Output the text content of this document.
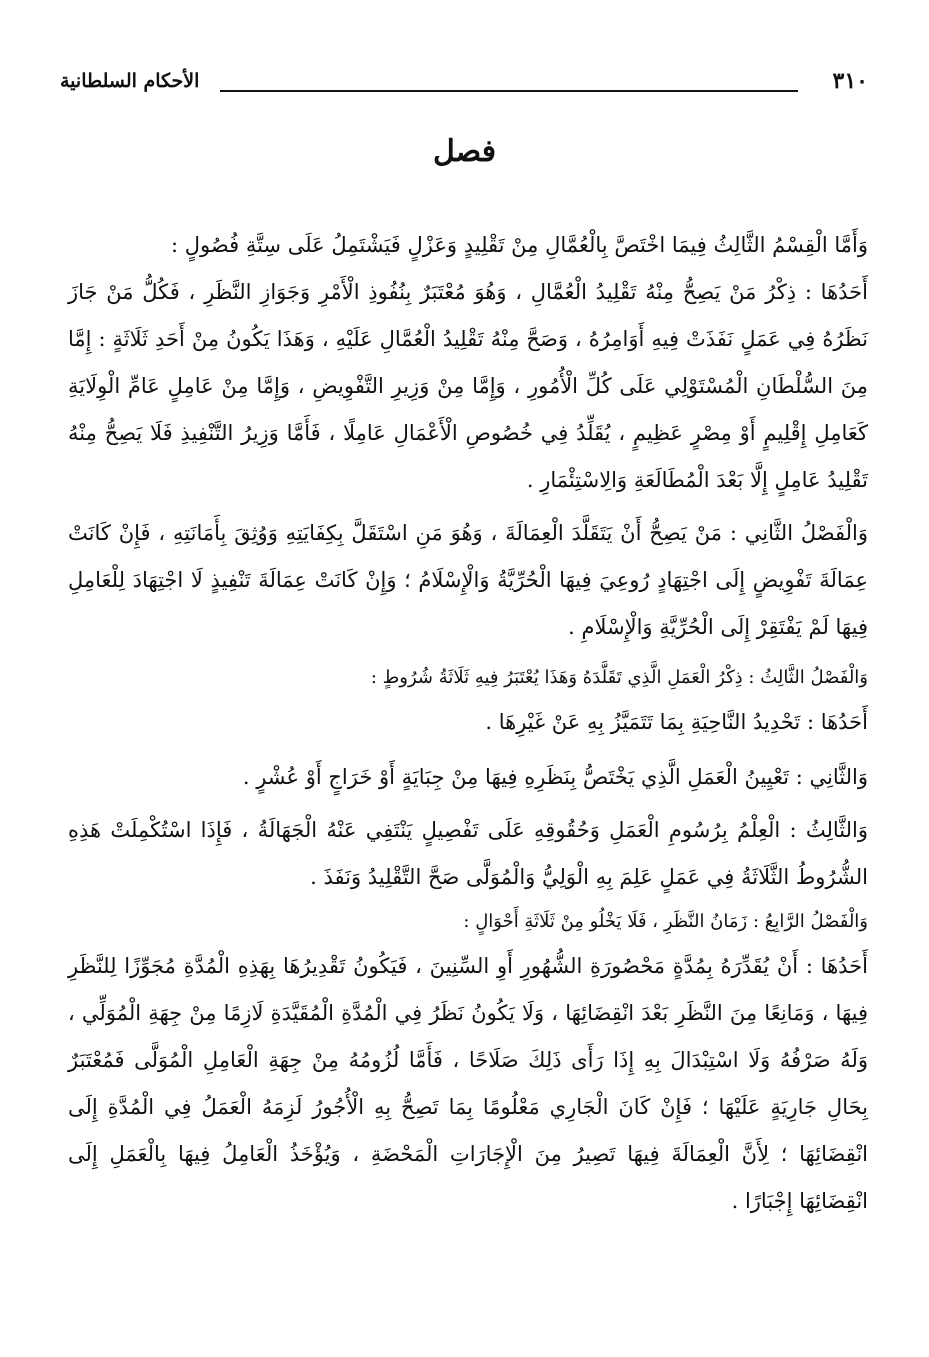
الأحكام السلطانية	٣١٠
فصل

وَأَمَّا الْقِسْمُ الثَّالِثُ فِيمَا اخْتَصَّ بِالْعُمَّالِ مِنْ تَقْلِيدٍ وَعَزْلٍ فَيَشْتَمِلُ عَلَى سِتَّةِ فُصُولٍ :

أَحَدُهَا : ذِكْرُ مَنْ يَصِحُّ مِنْهُ تَقْلِيدُ الْعُمَّالِ ، وَهُوَ مُعْتَبَرٌ بِنُفُوذِ الْأَمْرِ وَجَوَازِ النَّظَرِ ، فَكُلُّ مَنْ جَازَ نَظَرُهُ فِي عَمَلٍ نَفَذَتْ فِيهِ أَوَامِرُهُ ، وَصَحَّ مِنْهُ تَقْلِيدُ الْعُمَّالِ عَلَيْهِ ، وَهَذَا يَكُونُ مِنْ أَحَدِ ثَلَاثَةٍ : إِمَّا مِنَ السُّلْطَانِ الْمُسْتَوْلِي عَلَى كُلِّ الْأُمُورِ ، وَإِمَّا مِنْ وَزِيرِ التَّفْوِيضِ ، وَإِمَّا مِنْ عَامِلٍ عَامِّ الْوِلَايَةِ كَعَامِلِ إِقْلِيمٍ أَوْ مِصْرٍ عَظِيمٍ ، يُقَلِّدُ فِي خُصُوصِ الْأَعْمَالِ عَامِلًا ، فَأَمَّا وَزِيرُ التَّنْفِيذِ فَلَا يَصِحُّ مِنْهُ تَقْلِيدُ عَامِلٍ إِلَّا بَعْدَ الْمُطَالَعَةِ وَالِاسْتِئْمَارِ .

وَالْفَصْلُ الثَّانِي : مَنْ يَصِحُّ أَنْ يَتَقَلَّدَ الْعِمَالَةَ ، وَهُوَ مَنِ اسْتَقَلَّ بِكِفَايَتِهِ وَوُثِقَ بِأَمَانَتِهِ ، فَإِنْ كَانَتْ عِمَالَةَ تَفْوِيضٍ إِلَى اجْتِهَادٍ رُوعِيَ فِيهَا الْحُرِّيَّةُ وَالْإِسْلَامُ ؛ وَإِنْ كَانَتْ عِمَالَةَ تَنْفِيذٍ لَا اجْتِهَادَ لِلْعَامِلِ فِيهَا لَمْ يَفْتَقِرْ إِلَى الْحُرِّيَّةِ وَالْإِسْلَامِ .

وَالْفَصْلُ الثَّالِثُ : ذِكْرُ الْعَمَلِ الَّذِي تَقَلَّدَهُ وَهَذَا يُعْتَبَرُ فِيهِ ثَلَاثَةُ شُرُوطٍ :

أَحَدُهَا : تَحْدِيدُ النَّاحِيَةِ بِمَا تَتَمَيَّزُ بِهِ عَنْ غَيْرِهَا .

وَالثَّانِي : تَعْيِينُ الْعَمَلِ الَّذِي يَخْتَصُّ بِنَظَرِهِ فِيهَا مِنْ جِبَايَةٍ أَوْ خَرَاجٍ أَوْ عُشْرٍ .

وَالثَّالِثُ : الْعِلْمُ بِرُسُومِ الْعَمَلِ وَحُقُوقِهِ عَلَى تَفْصِيلٍ يَنْتَفِي عَنْهُ الْجَهَالَةُ ، فَإِذَا اسْتُكْمِلَتْ هَذِهِ الشُّرُوطُ الثَّلَاثَةُ فِي عَمَلٍ عَلِمَ بِهِ الْوَلِيُّ وَالْمُوَلَّى صَحَّ التَّقْلِيدُ وَنَفَذَ .

وَالْفَصْلُ الرَّابِعُ : زَمَانُ النَّظَرِ ، فَلَا يَخْلُو مِنْ ثَلَاثَةِ أَحْوَالٍ :

أَحَدُهَا : أَنْ يُقَدِّرَهُ بِمُدَّةٍ مَحْصُورَةِ الشُّهُورِ أَوِ السِّنِينَ ، فَيَكُونُ تَقْدِيرُهَا بِهَذِهِ الْمُدَّةِ مُجَوِّزًا لِلنَّظَرِ فِيهَا ، وَمَانِعًا مِنَ النَّظَرِ بَعْدَ انْقِضَائِهَا ، وَلَا يَكُونُ نَظَرُ فِي الْمُدَّةِ الْمُقَيَّدَةِ لَازِمًا مِنْ جِهَةِ الْمُوَلِّي ، وَلَهُ صَرْفُهُ وَلَا اسْتِبْدَالَ بِهِ إِذَا رَأَى ذَلِكَ صَلَاحًا ، فَأَمَّا لُزُومُهُ مِنْ جِهَةِ الْعَامِلِ الْمُوَلَّى فَمُعْتَبَرٌ بِحَالِ جَارِيَةٍ عَلَيْهَا ؛ فَإِنْ كَانَ الْجَارِي مَعْلُومًا بِمَا تَصِحُّ بِهِ الْأُجُورُ لَزِمَهُ الْعَمَلُ فِي الْمُدَّةِ إِلَى انْقِضَائِهَا ؛ لِأَنَّ الْعِمَالَةَ فِيهَا تَصِيرُ مِنَ الْإِجَارَاتِ الْمَحْضَةِ ، وَيُؤْخَذُ الْعَامِلُ فِيهَا بِالْعَمَلِ إِلَى انْقِضَائِهَا إِجْبَارًا .
